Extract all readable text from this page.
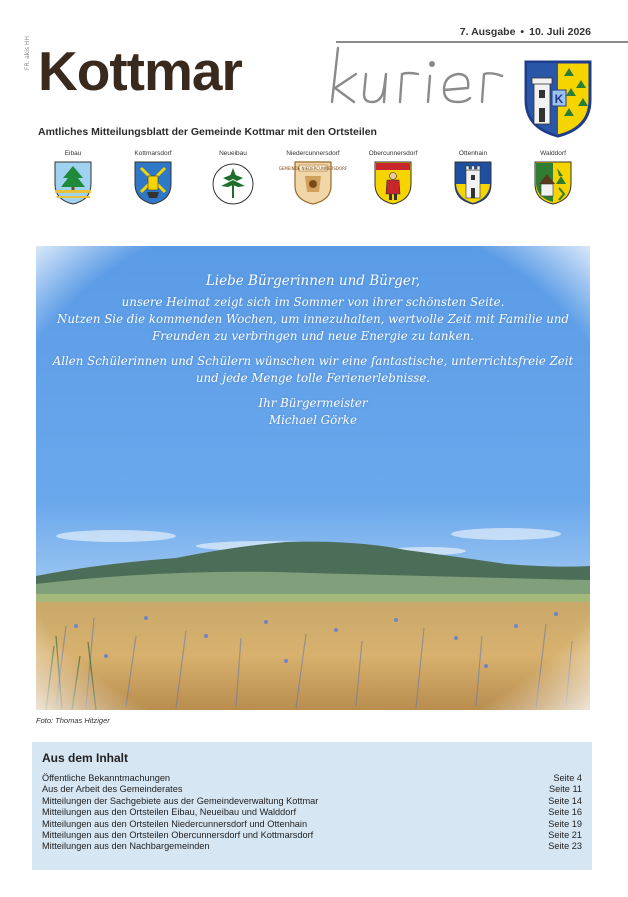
FR. akis HH
7. Ausgabe • 10. Juli 2026
Kottmar
Amtliches Mitteilungsblatt der Gemeinde Kottmar mit den Ortsteilen
K
Eibau	Kottmarsdorf	Neueibau	Niedercunnersdorf
GEMEINDE NIEDERCUNNERSDORF
Obercunnersdorf	Ottenhain	Walddorf

Liebe Bürgerinnen und Bürger,

unsere Heimat zeigt sich im Sommer von ihrer schönsten Seite.

Nutzen Sie die kommenden Wochen, um innezuhalten, wertvolle Zeit mit Familie und

Freunden zu verbringen und neue Energie zu tanken.

Allen Schülerinnen und Schülern wünschen wir eine fantastische, unterrichtsfreie Zeit

und jede Menge tolle Ferienerlebnisse.

Ihr Bürgermeister

Michael Görke

Foto: Thomas Hitziger
Aus dem Inhalt
Öffentliche Bekanntmachungen	Seite 4
Aus der Arbeit des Gemeinderates	Seite 11
Mitteilungen der Sachgebiete aus der Gemeindeverwaltung Kottmar	Seite 14
Mitteilungen aus den Ortsteilen Eibau, Neueibau und Walddorf	Seite 16
Mitteilungen aus den Ortsteilen Niedercunnersdorf und Ottenhain	Seite 19
Mitteilungen aus den Ortsteilen Obercunnersdorf und Kottmarsdorf	Seite 21
Mitteilungen aus den Nachbargemeinden	Seite 23
